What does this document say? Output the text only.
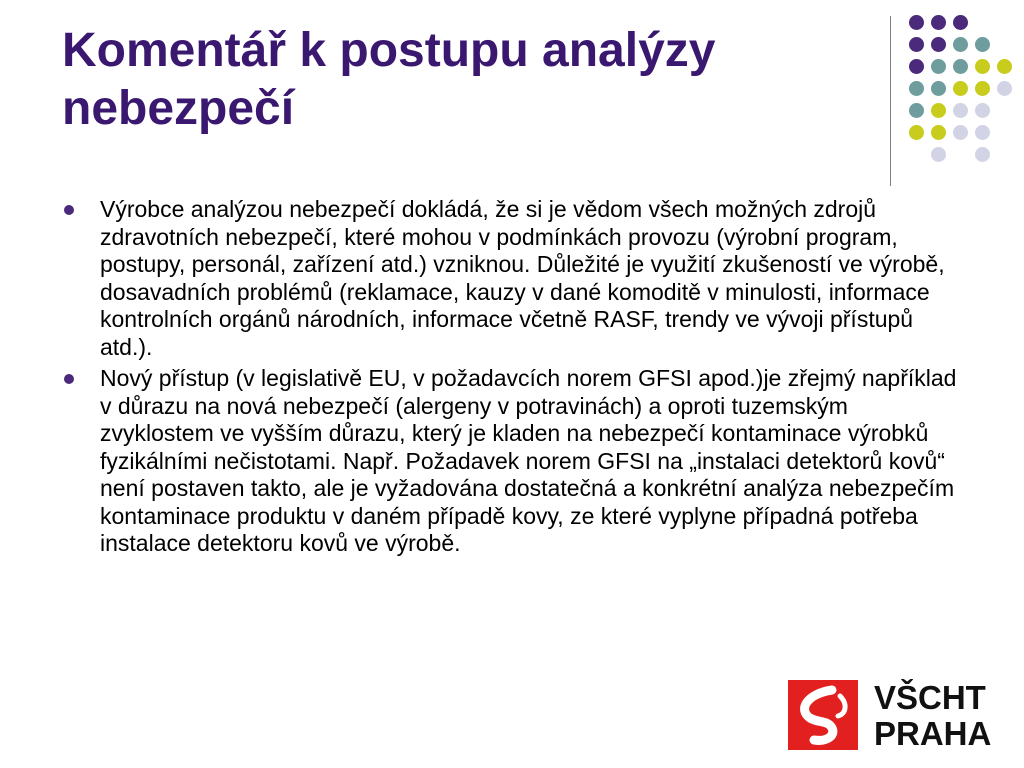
Komentář k postupu analýzy nebezpečí
Výrobce analýzou nebezpečí dokládá, že si je vědom všech možných zdrojů zdravotních nebezpečí, které mohou v podmínkách provozu (výrobní program, postupy, personál, zařízení atd.) vzniknou. Důležité je využití zkušeností ve výrobě, dosavadních problémů (reklamace, kauzy v dané komoditě v minulosti, informace kontrolních orgánů národních, informace včetně RASF, trendy ve vývoji přístupů atd.).
Nový přístup (v legislativě EU, v požadavcích norem GFSI apod.)je zřejmý například v důrazu na nová nebezpečí (alergeny v potravinách) a oproti tuzemským zvyklostem ve vyšším důrazu, který je kladen na nebezpečí kontaminace výrobků fyzikálními nečistotami. Např. Požadavek norem GFSI na „instalaci detektorů kovů“ není postaven takto, ale je vyžadována dostatečná a konkrétní analýza nebezpečím kontaminace produktu v daném případě kovy, ze které vyplyne případná potřeba instalace detektoru kovů ve výrobě.
VŠCHT
PRAHA
